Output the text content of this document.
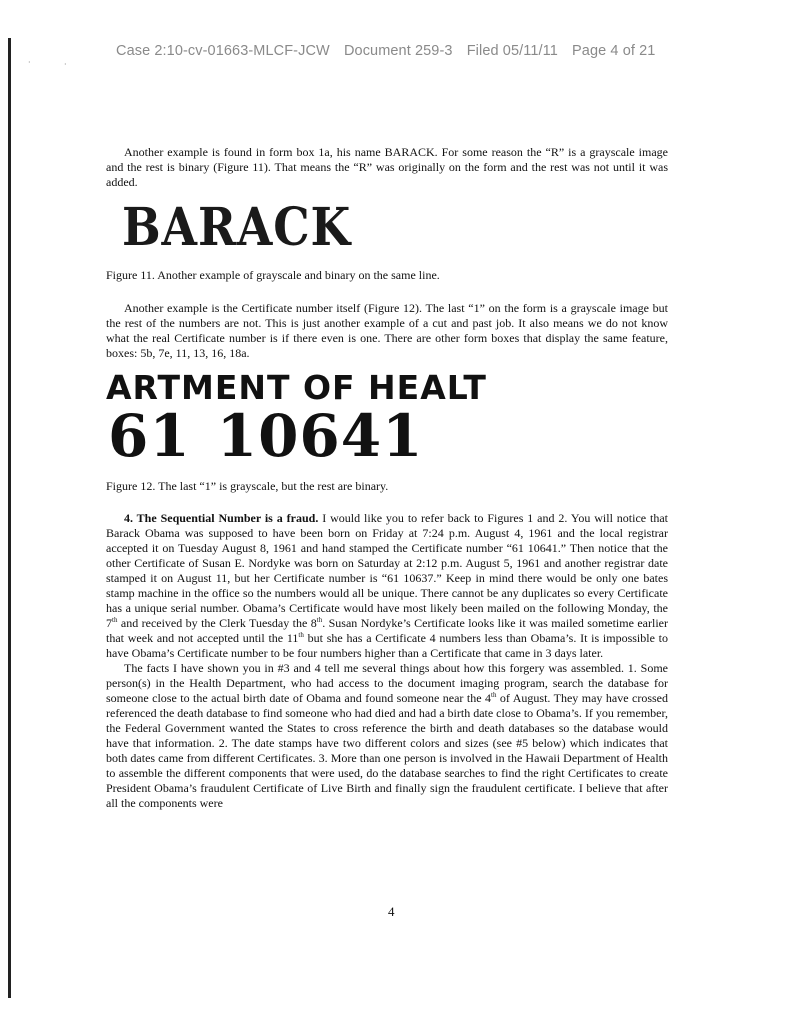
·	·
Case 2:10-cv-01663-MLCF-JCW Document 259-3 Filed 05/11/11 Page 4 of 21

Another example is found in form box 1a, his name BARACK. For some reason the “R” is a grayscale image and the rest is binary (Figure 11). That means the “R” was originally on the form and the rest was not until it was added.

BARACK
Figure 11. Another example of grayscale and binary on the same line.

Another example is the Certificate number itself (Figure 12). The last “1” on the form is a grayscale image but the rest of the numbers are not. This is just another example of a cut and past job. It also means we do not know what the real Certificate number is if there even is one. There are other form boxes that display the same feature, boxes: 5b, 7e, 11, 13, 16, 18a.

ARTMENT OF HEALT
61 10641
Figure 12. The last “1” is grayscale, but the rest are binary.

4. The Sequential Number is a fraud. I would like you to refer back to Figures 1 and 2. You will notice that Barack Obama was supposed to have been born on Friday at 7:24 p.m. August 4, 1961 and the local registrar accepted it on Tuesday August 8, 1961 and hand stamped the Certificate number “61 10641.” Then notice that the other Certificate of Susan E. Nordyke was born on Saturday at 2:12 p.m. August 5, 1961 and another registrar date stamped it on August 11, but her Certificate number is “61 10637.” Keep in mind there would be only one bates stamp machine in the office so the numbers would all be unique. There cannot be any duplicates so every Certificate has a unique serial number. Obama’s Certificate would have most likely been mailed on the following Monday, the 7th and received by the Clerk Tuesday the 8th. Susan Nordyke’s Certificate looks like it was mailed sometime earlier that week and not accepted until the 11th but she has a Certificate 4 numbers less than Obama’s. It is impossible to have Obama’s Certificate number to be four numbers higher than a Certificate that came in 3 days later.

The facts I have shown you in #3 and 4 tell me several things about how this forgery was assembled. 1. Some person(s) in the Health Department, who had access to the document imaging program, search the database for someone close to the actual birth date of Obama and found someone near the 4th of August. They may have crossed referenced the death database to find someone who had died and had a birth date close to Obama’s. If you remember, the Federal Government wanted the States to cross reference the birth and death databases so the database would have that information. 2. The date stamps have two different colors and sizes (see #5 below) which indicates that both dates came from different Certificates. 3. More than one person is involved in the Hawaii Department of Health to assemble the different components that were used, do the database searches to find the right Certificates to create President Obama’s fraudulent Certificate of Live Birth and finally sign the fraudulent certificate. I believe that after all the components were

4
